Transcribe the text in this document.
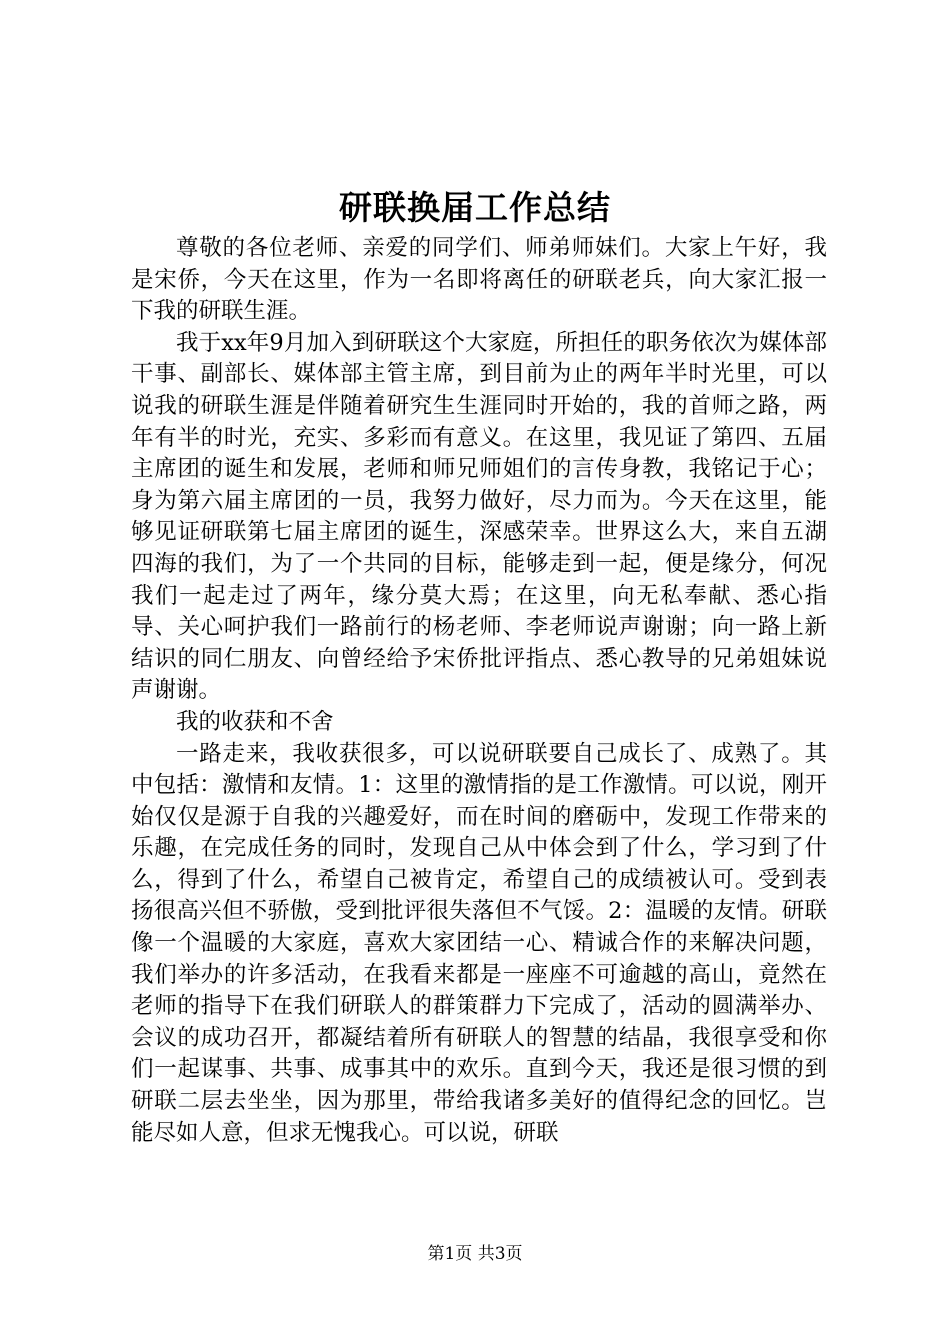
研联换届工作总结

尊敬的各位老师、亲爱的同学们、师弟师妹们。大家上午好，我是宋侨，今天在这里，作为一名即将离任的研联老兵，向大家汇报一下我的研联生涯。

我于xx年9月加入到研联这个大家庭，所担任的职务依次为媒体部干事、副部长、媒体部主管主席，到目前为止的两年半时光里，可以说我的研联生涯是伴随着研究生生涯同时开始的，我的首师之路，两年有半的时光，充实、多彩而有意义。在这里，我见证了第四、五届主席团的诞生和发展，老师和师兄师姐们的言传身教，我铭记于心；身为第六届主席团的一员，我努力做好，尽力而为。今天在这里，能够见证研联第七届主席团的诞生，深感荣幸。世界这么大，来自五湖四海的我们，为了一个共同的目标，能够走到一起，便是缘分，何况我们一起走过了两年，缘分莫大焉；在这里，向无私奉献、悉心指导、关心呵护我们一路前行的杨老师、李老师说声谢谢；向一路上新结识的同仁朋友、向曾经给予宋侨批评指点、悉心教导的兄弟姐妹说声谢谢。

我的收获和不舍

一路走来，我收获很多，可以说研联要自己成长了、成熟了。其中包括：激情和友情。1：这里的激情指的是工作激情。可以说，刚开始仅仅是源于自我的兴趣爱好，而在时间的磨砺中，发现工作带来的乐趣，在完成任务的同时，发现自己从中体会到了什么，学习到了什么，得到了什么，希望自己被肯定，希望自己的成绩被认可。受到表扬很高兴但不骄傲，受到批评很失落但不气馁。2：温暖的友情。研联像一个温暖的大家庭，喜欢大家团结一心、精诚合作的来解决问题，我们举办的许多活动，在我看来都是一座座不可逾越的高山，竟然在老师的指导下在我们研联人的群策群力下完成了，活动的圆满举办、会议的成功召开，都凝结着所有研联人的智慧的结晶，我很享受和你们一起谋事、共事、成事其中的欢乐。直到今天，我还是很习惯的到研联二层去坐坐，因为那里，带给我诸多美好的值得纪念的回忆。岂能尽如人意，但求无愧我心。可以说，研联

第1页 共3页
